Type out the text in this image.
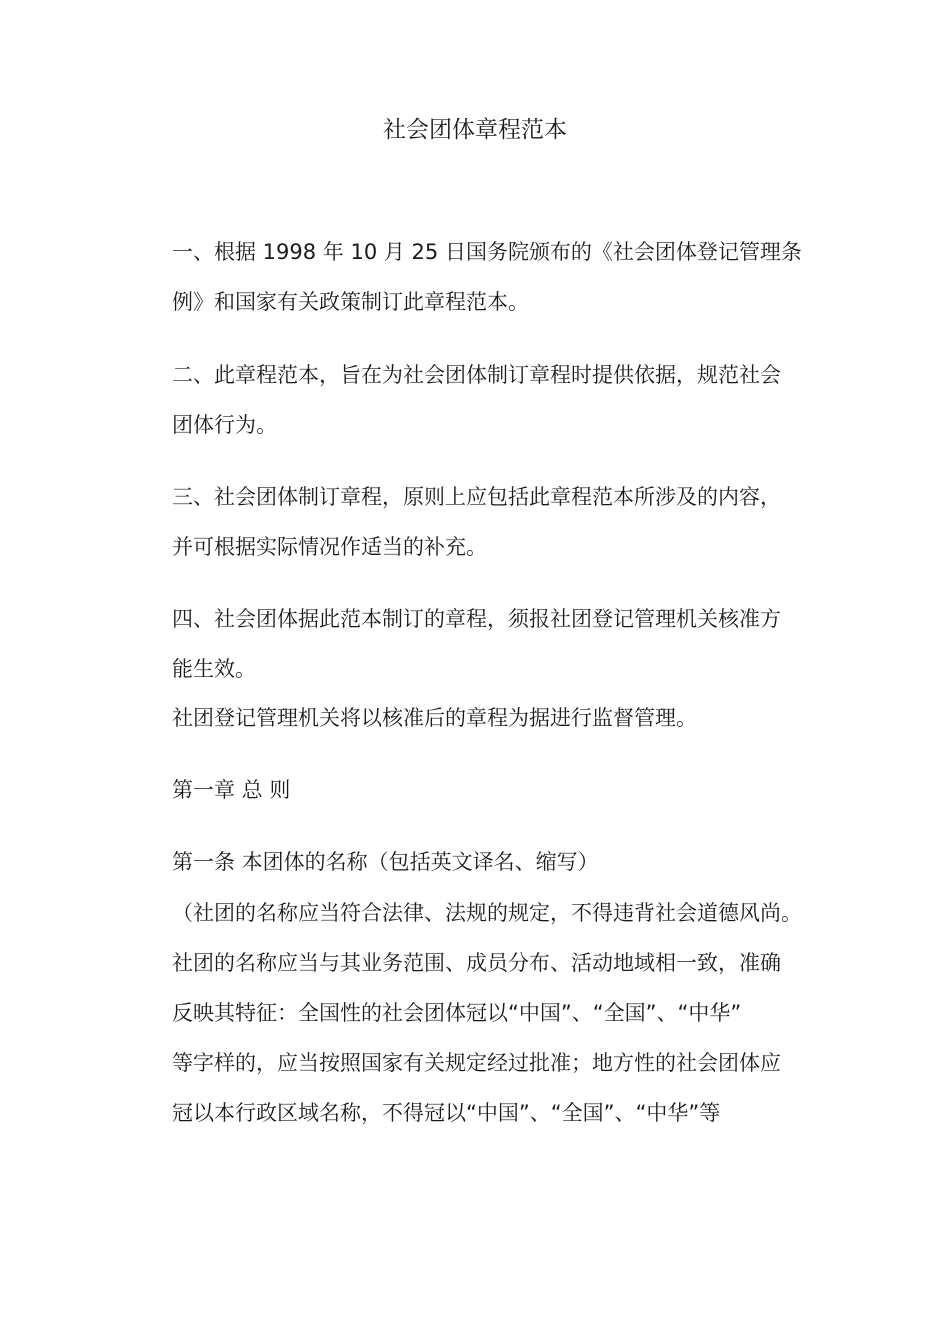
社会团体章程范本

一、根据 1998 年 10 月 25 日国务院颁布的《社会团体登记管理条

例》和国家有关政策制订此章程范本。

二、此章程范本，旨在为社会团体制订章程时提供依据，规范社会

团体行为。

三、社会团体制订章程，原则上应包括此章程范本所涉及的内容，

并可根据实际情况作适当的补充。

四、社会团体据此范本制订的章程，须报社团登记管理机关核准方

能生效。

社团登记管理机关将以核准后的章程为据进行监督管理。

第一章 总 则

第一条 本团体的名称（包括英文译名、缩写）

（社团的名称应当符合法律、法规的规定，不得违背社会道德风尚。

社团的名称应当与其业务范围、成员分布、活动地域相一致，准确

反映其特征：全国性的社会团体冠以“中国”、“全国”、“中华”

等字样的，应当按照国家有关规定经过批准；地方性的社会团体应

冠以本行政区域名称，不得冠以“中国”、“全国”、“中华”等
